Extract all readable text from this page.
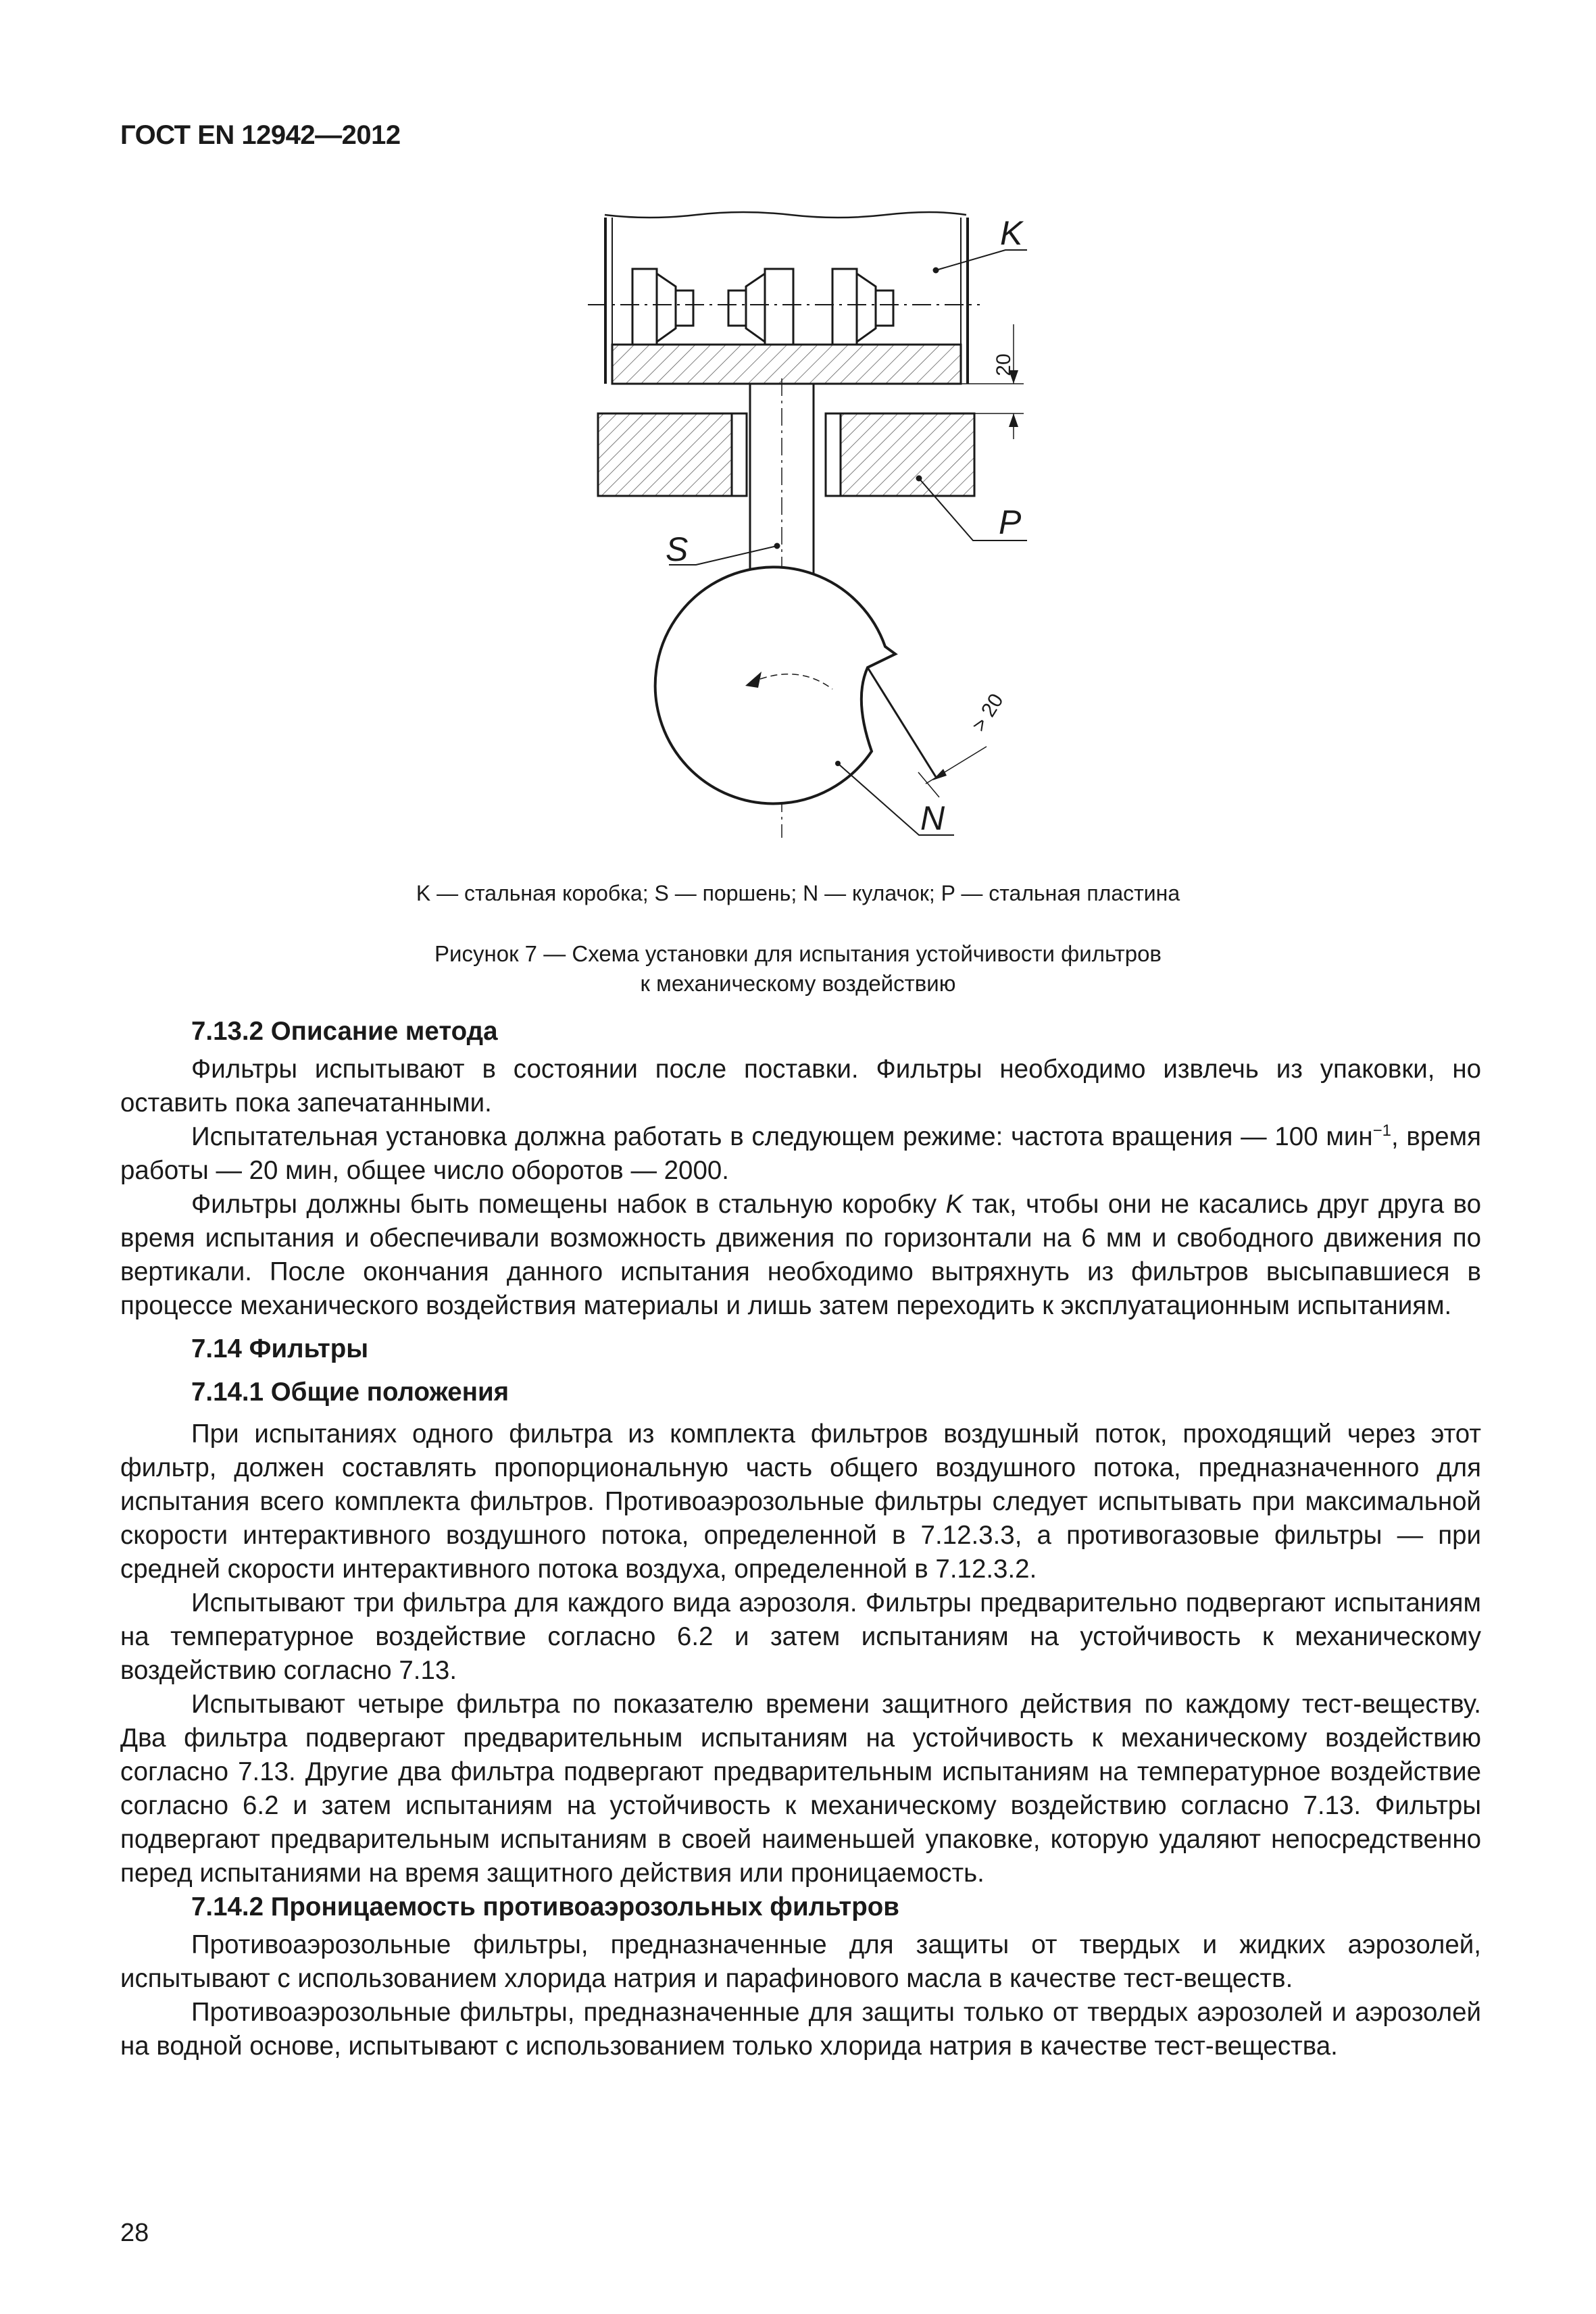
ГОСТ EN 12942—2012
20
> 20
K
P
S
N
K — стальная коробка; S — поршень; N — кулачок; P — стальная пластина
Рисунок 7 — Схема установки для испытания устойчивости фильтров
к механическому воздействию
7.13.2 Описание метода

Фильтры испытывают в состоянии после поставки. Фильтры необходимо извлечь из упаковки, но оставить пока запечатанными.

Испытательная установка должна работать в следующем режиме: частота вращения — 100 мин$^{-1}$, время работы — 20 мин, общее число оборотов — 2000.

Фильтры должны быть помещены набок в стальную коробку K так, чтобы они не касались друг друга во время испытания и обеспечивали возможность движения по горизонтали на 6 мм и свободного движения по вертикали. После окончания данного испытания необходимо вытряхнуть из фильтров высыпавшиеся в процессе механического воздействия материалы и лишь затем переходить к эксплуатационным испытаниям.

7.14 Фильтры
7.14.1 Общие положения

При испытаниях одного фильтра из комплекта фильтров воздушный поток, проходящий через этот фильтр, должен составлять пропорциональную часть общего воздушного потока, предназначенного для испытания всего комплекта фильтров. Противоаэрозольные фильтры следует испытывать при максимальной скорости интерактивного воздушного потока, определенной в 7.12.3.3, а противогазовые фильтры — при средней скорости интерактивного потока воздуха, определенной в 7.12.3.2.

Испытывают три фильтра для каждого вида аэрозоля. Фильтры предварительно подвергают испытаниям на температурное воздействие согласно 6.2 и затем испытаниям на устойчивость к механическому воздействию согласно 7.13.

Испытывают четыре фильтра по показателю времени защитного действия по каждому тест-веществу. Два фильтра подвергают предварительным испытаниям на устойчивость к механическому воздействию согласно 7.13. Другие два фильтра подвергают предварительным испытаниям на температурное воздействие согласно 6.2 и затем испытаниям на устойчивость к механическому воздействию согласно 7.13. Фильтры подвергают предварительным испытаниям в своей наименьшей упаковке, которую удаляют непосредственно перед испытаниями на время защитного действия или проницаемость.

7.14.2 Проницаемость противоаэрозольных фильтров

Противоаэрозольные фильтры, предназначенные для защиты от твердых и жидких аэрозолей, испытывают с использованием хлорида натрия и парафинового масла в качестве тест-веществ.

Противоаэрозольные фильтры, предназначенные для защиты только от твердых аэрозолей и аэрозолей на водной основе, испытывают с использованием только хлорида натрия в качестве тест-вещества.

28
